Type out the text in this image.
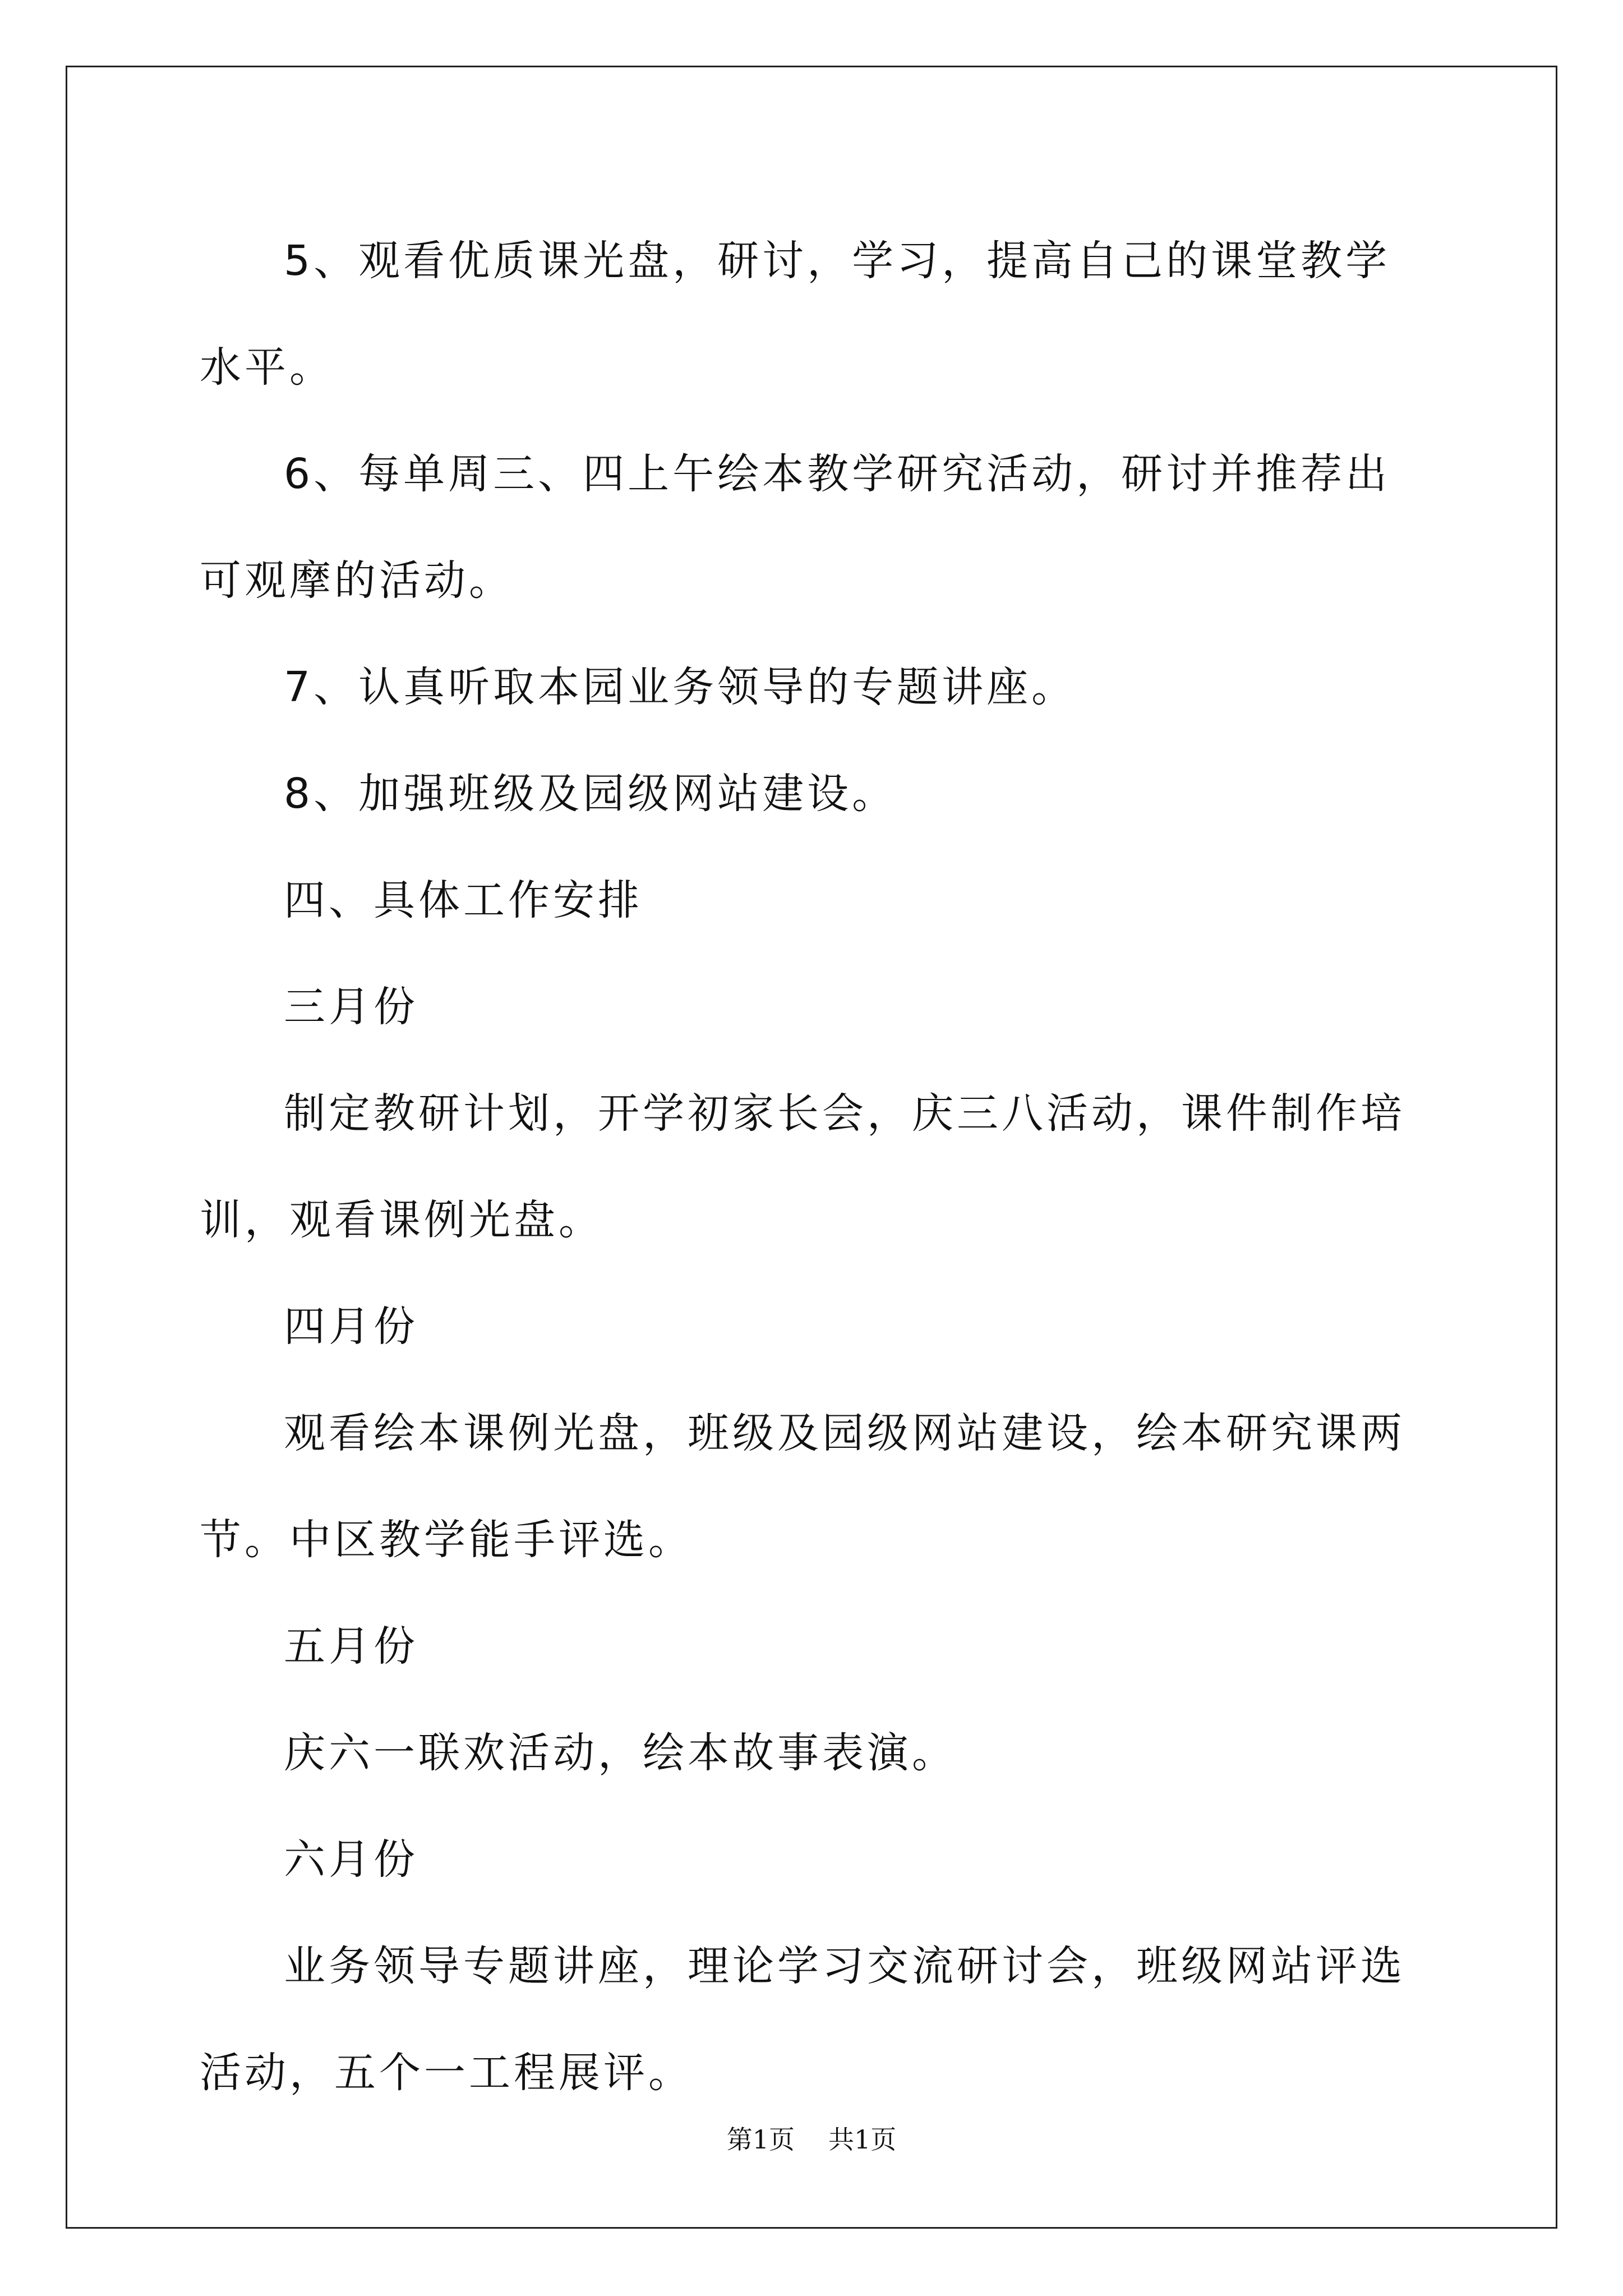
5、观看优质课光盘，研讨，学习，提高自己的课堂教学水平。

6、每单周三、四上午绘本教学研究活动，研讨并推荐出可观摩的活动。

7、认真听取本园业务领导的专题讲座。

8、加强班级及园级网站建设。

四、具体工作安排

三月份

制定教研计划，开学初家长会，庆三八活动，课件制作培训，观看课例光盘。

四月份

观看绘本课例光盘，班级及园级网站建设，绘本研究课两节。中区教学能手评选。

五月份

庆六一联欢活动，绘本故事表演。

六月份

业务领导专题讲座，理论学习交流研讨会，班级网站评选活动，五个一工程展评。

第1页 共1页
